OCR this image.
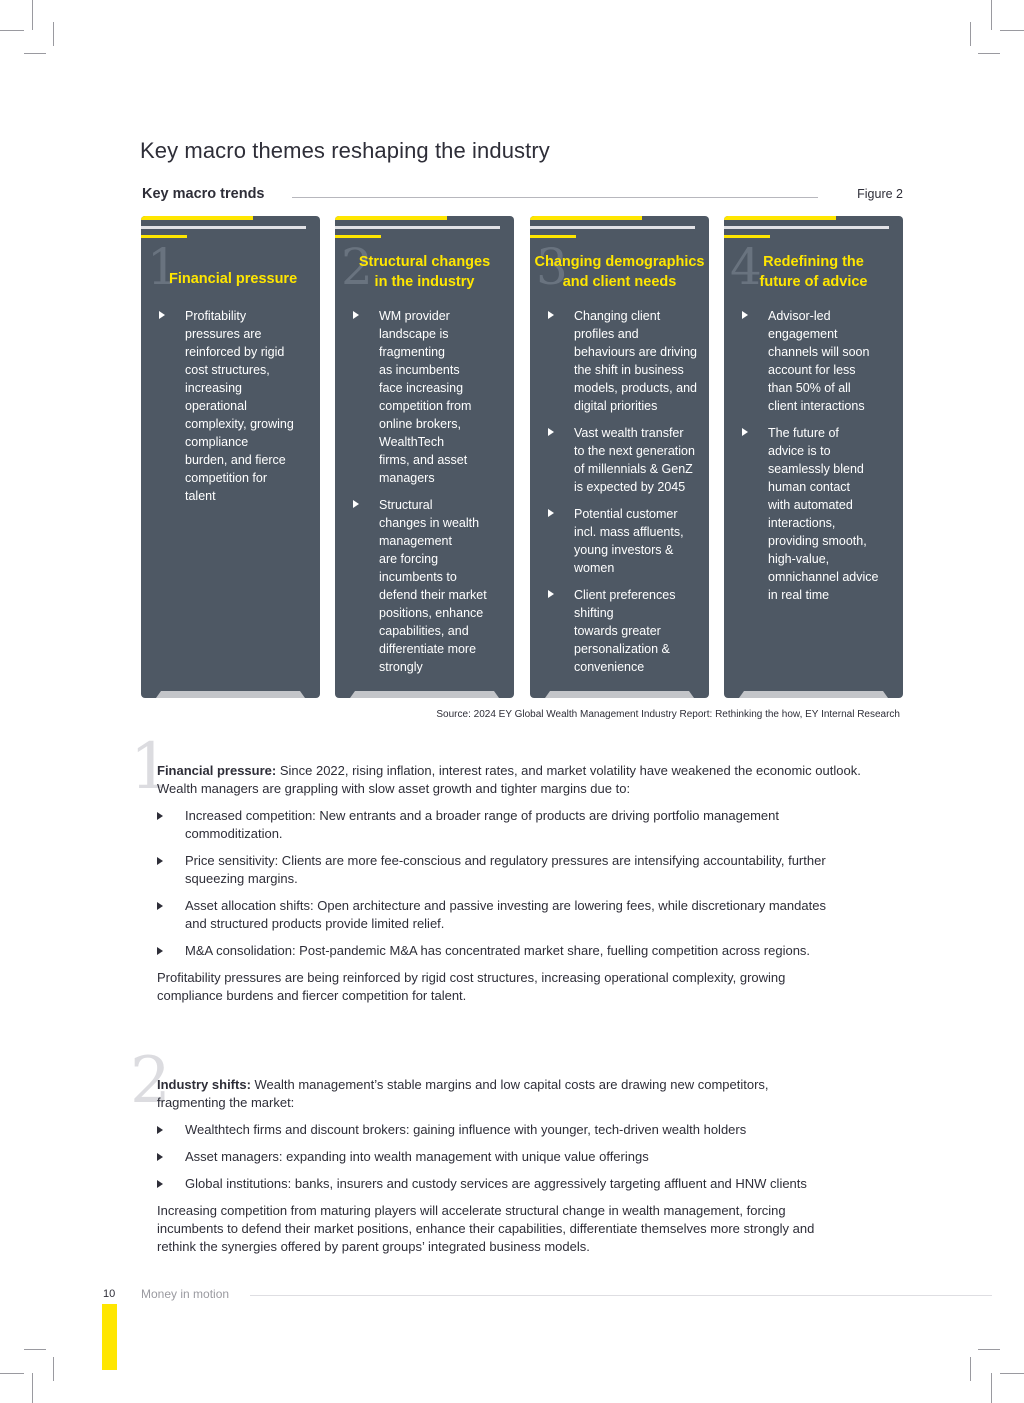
Key macro themes reshaping the industry
Key macro trends	Figure 2
1
Financial pressure
Profitability
pressures are
reinforced by rigid
cost structures,
increasing
operational
complexity, growing
compliance
burden, and fierce
competition for
talent
2
Structural changes
in the industry
WM provider
landscape is
fragmenting
as incumbents
face increasing
competition from
online brokers,
WealthTech
firms, and asset
managers
Structural
changes in wealth
management
are forcing
incumbents to
defend their market
positions, enhance
capabilities, and
differentiate more
strongly
3
Changing demographics
and client needs
Changing client
profiles and
behaviours are driving
the shift in business
models, products, and
digital priorities
Vast wealth transfer
to the next generation
of millennials & GenZ
is expected by 2045
Potential customer
incl. mass affluents,
young investors &
women
Client preferences
shifting
towards greater
personalization &
convenience
4 Redefining the
future of advice
Advisor-led
engagement
channels will soon
account for less
than 50% of all
client interactions
The future of
advice is to
seamlessly blend
human contact
with automated
interactions,
providing smooth,
high-value,
omnichannel advice
in real time
Source: 2024 EY Global Wealth Management Industry Report: Rethinking the how, EY Internal Research
1

Financial pressure: Since 2022, rising inflation, interest rates, and market volatility have weakened the economic outlook. Wealth managers are grappling with slow asset growth and tighter margins due to:

Increased competition: New entrants and a broader range of products are driving portfolio management
commoditization.
Price sensitivity: Clients are more fee-conscious and regulatory pressures are intensifying accountability, further
squeezing margins.
Asset allocation shifts: Open architecture and passive investing are lowering fees, while discretionary mandates
and structured products provide limited relief.
M&A consolidation: Post-pandemic M&A has concentrated market share, fuelling competition across regions.

Profitability pressures are being reinforced by rigid cost structures, increasing operational complexity, growing
compliance burdens and fiercer competition for talent.

2

Industry shifts: Wealth management’s stable margins and low capital costs are drawing new competitors,
fragmenting the market:

Wealthtech firms and discount brokers: gaining influence with younger, tech-driven wealth holders
Asset managers: expanding into wealth management with unique value offerings
Global institutions: banks, insurers and custody services are aggressively targeting affluent and HNW clients

Increasing competition from maturing players will accelerate structural change in wealth management, forcing
incumbents to defend their market positions, enhance their capabilities, differentiate themselves more strongly and
rethink the synergies offered by parent groups’ integrated business models.

10 Money in motion
